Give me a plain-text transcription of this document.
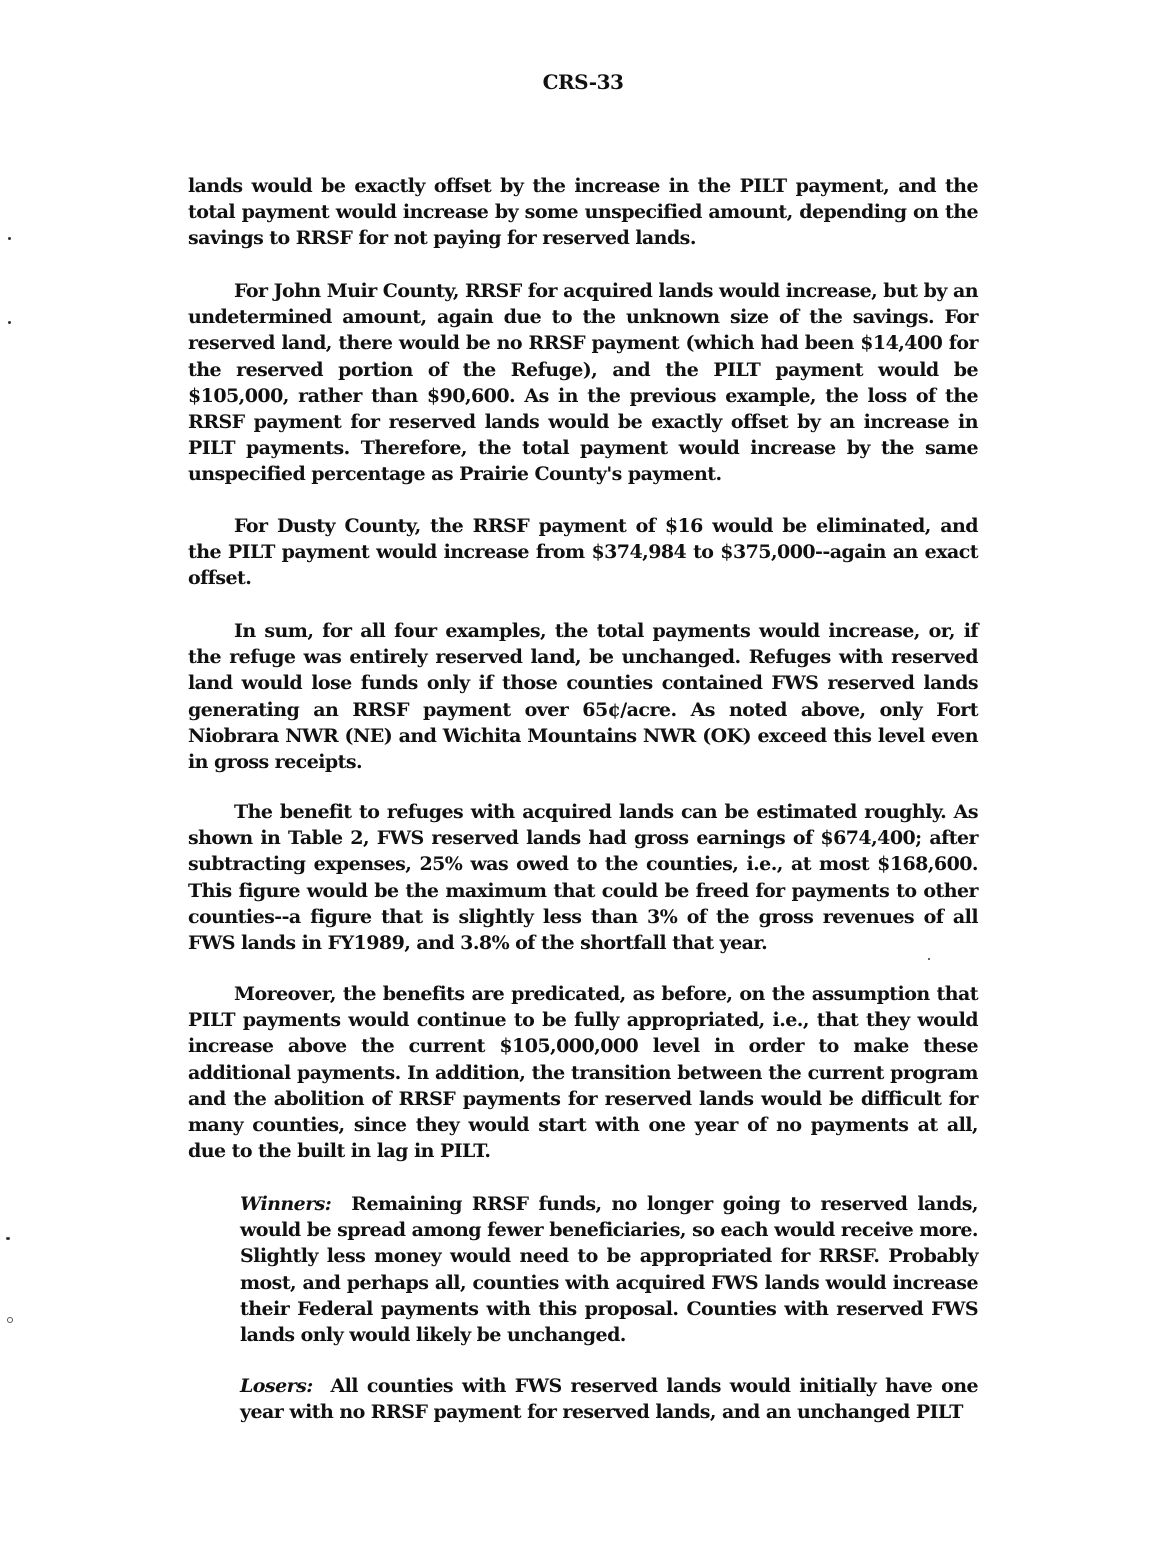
CRS-33

lands would be exactly offset by the increase in the PILT payment, and the total payment would increase by some unspecified amount, depending on the savings to RRSF for not paying for reserved lands.

For John Muir County, RRSF for acquired lands would increase, but by an undetermined amount, again due to the unknown size of the savings. For reserved land, there would be no RRSF payment (which had been $14,400 for the reserved portion of the Refuge), and the PILT payment would be $105,000, rather than $90,600. As in the previous example, the loss of the RRSF payment for reserved lands would be exactly offset by an increase in PILT payments. Therefore, the total payment would increase by the same unspecified percentage as Prairie County's payment.

For Dusty County, the RRSF payment of $16 would be eliminated, and the PILT payment would increase from $374,984 to $375,000--again an exact offset.

In sum, for all four examples, the total payments would increase, or, if the refuge was entirely reserved land, be unchanged. Refuges with reserved land would lose funds only if those counties contained FWS reserved lands generating an RRSF payment over 65¢/acre. As noted above, only Fort Niobrara NWR (NE) and Wichita Mountains NWR (OK) exceed this level even in gross receipts.

The benefit to refuges with acquired lands can be estimated roughly. As shown in Table 2, FWS reserved lands had gross earnings of $674,400; after subtracting expenses, 25% was owed to the counties, i.e., at most $168,600. This figure would be the maximum that could be freed for payments to other counties--a figure that is slightly less than 3% of the gross revenues of all FWS lands in FY1989, and 3.8% of the shortfall that year.

Moreover, the benefits are predicated, as before, on the assumption that PILT payments would continue to be fully appropriated, i.e., that they would increase above the current $105,000,000 level in order to make these additional payments. In addition, the transition between the current program and the abolition of RRSF payments for reserved lands would be difficult for many counties, since they would start with one year of no payments at all, due to the built in lag in PILT.

Winners: Remaining RRSF funds, no longer going to reserved lands, would be spread among fewer beneficiaries, so each would receive more. Slightly less money would need to be appropriated for RRSF. Probably most, and perhaps all, counties with acquired FWS lands would increase their Federal payments with this proposal. Counties with reserved FWS lands only would likely be unchanged.

Losers: All counties with FWS reserved lands would initially have one year with no RRSF payment for reserved lands, and an unchanged PILT
